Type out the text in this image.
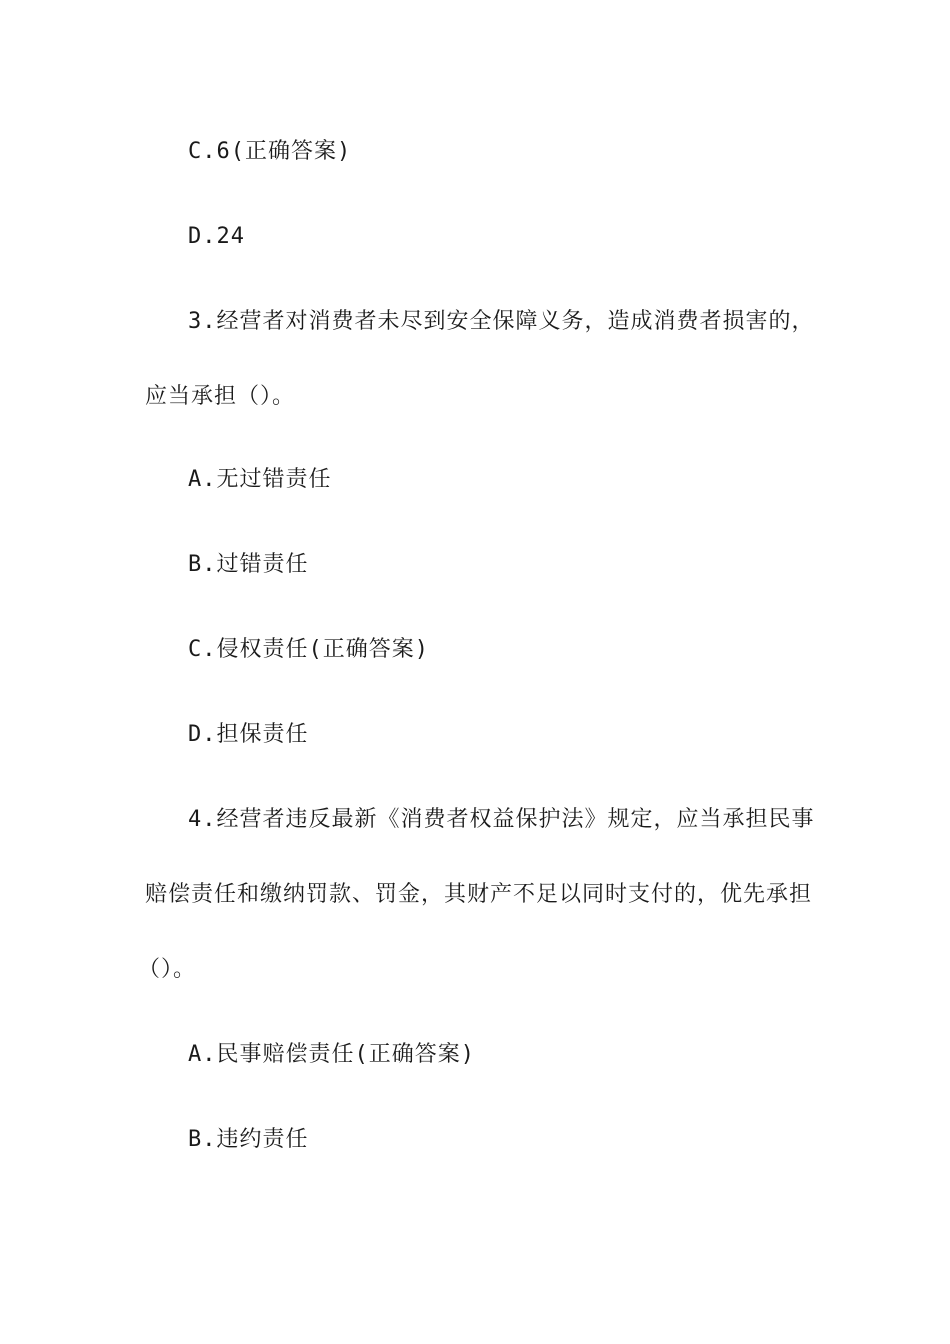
C.6(正确答案)
D.24
3.经营者对消费者未尽到安全保障义务，造成消费者损害的，
应当承担（）。
A.无过错责任
B.过错责任
C.侵权责任(正确答案)
D.担保责任
4.经营者违反最新《消费者权益保护法》规定，应当承担民事
赔偿责任和缴纳罚款、罚金，其财产不足以同时支付的，优先承担
（）。
A.民事赔偿责任(正确答案)
B.违约责任
